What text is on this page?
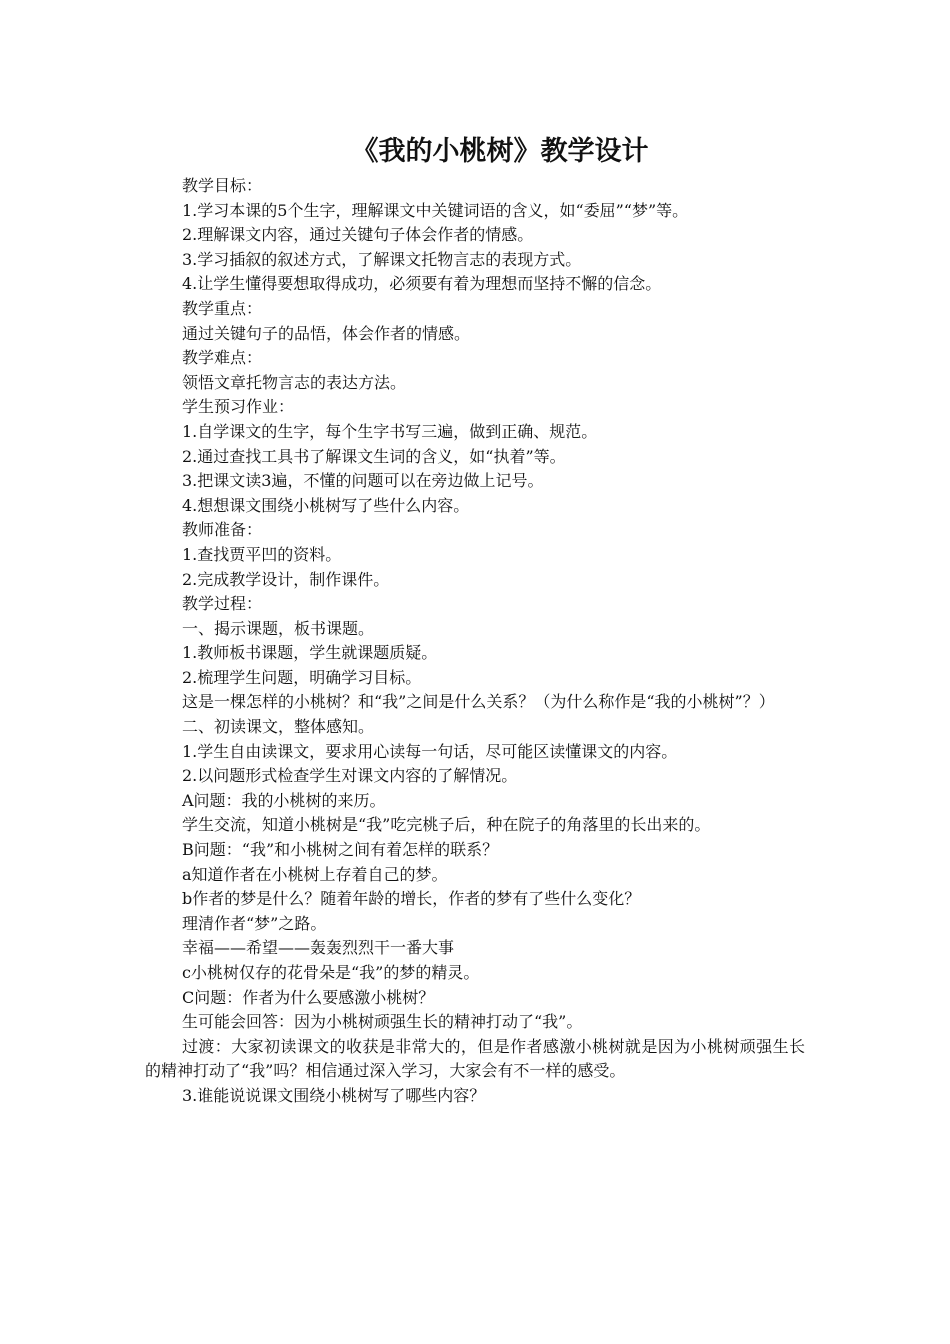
《我的小桃树》教学设计

教学目标：

1.学习本课的5个生字，理解课文中关键词语的含义，如“委屈”“梦”等。

2.理解课文内容，通过关键句子体会作者的情感。

3.学习插叙的叙述方式，了解课文托物言志的表现方式。

4.让学生懂得要想取得成功，必须要有着为理想而坚持不懈的信念。

教学重点：

通过关键句子的品悟，体会作者的情感。

教学难点：

领悟文章托物言志的表达方法。

学生预习作业：

1.自学课文的生字，每个生字书写三遍，做到正确、规范。

2.通过查找工具书了解课文生词的含义，如“执着”等。

3.把课文读3遍，不懂的问题可以在旁边做上记号。

4.想想课文围绕小桃树写了些什么内容。

教师准备：

1.查找贾平凹的资料。

2.完成教学设计，制作课件。

教学过程：

一、揭示课题，板书课题。

1.教师板书课题，学生就课题质疑。

2.梳理学生问题，明确学习目标。

这是一棵怎样的小桃树？和“我”之间是什么关系？（为什么称作是“我的小桃树”？）

二、初读课文，整体感知。

1.学生自由读课文，要求用心读每一句话，尽可能区读懂课文的内容。

2.以问题形式检查学生对课文内容的了解情况。

A问题：我的小桃树的来历。

学生交流，知道小桃树是“我”吃完桃子后，种在院子的角落里的长出来的。

B问题：“我”和小桃树之间有着怎样的联系？

a知道作者在小桃树上存着自己的梦。

b作者的梦是什么？随着年龄的增长，作者的梦有了些什么变化？

理清作者“梦”之路。

幸福——希望——轰轰烈烈干一番大事

c小桃树仅存的花骨朵是“我”的梦的精灵。

C问题：作者为什么要感激小桃树？

生可能会回答：因为小桃树顽强生长的精神打动了“我”。

过渡：大家初读课文的收获是非常大的，但是作者感激小桃树就是因为小桃树顽强生长的精神打动了“我”吗？相信通过深入学习，大家会有不一样的感受。

3.谁能说说课文围绕小桃树写了哪些内容？
